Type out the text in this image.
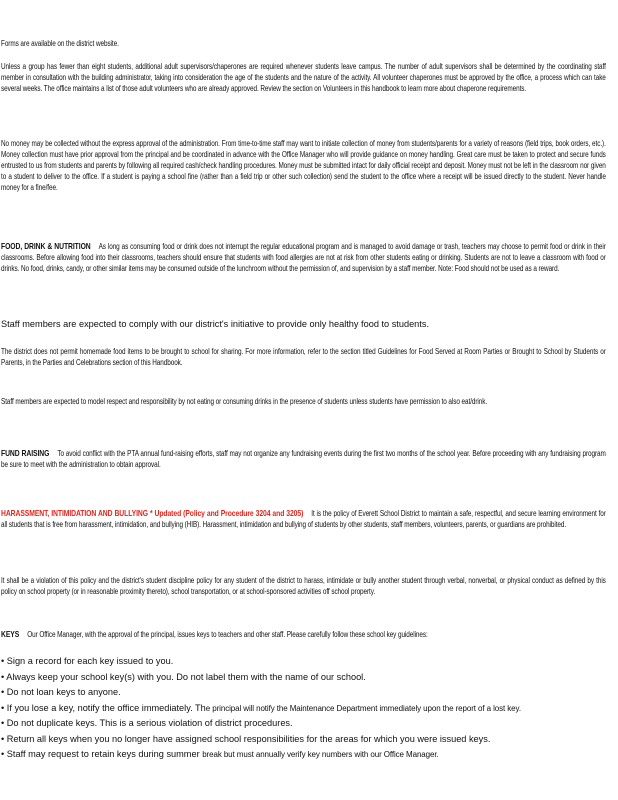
Forms are available on the district website.

Unless a group has fewer than eight students, additional adult supervisors/chaperones are required whenever students leave campus. The number of adult supervisors shall be determined by the coordinating staff member in consultation with the building administrator, taking into consideration the age of the students and the nature of the activity. All volunteer chaperones must be approved by the office, a process which can take several weeks. The office maintains a list of those adult volunteers who are already approved. Review the section on Volunteers in this handbook to learn more about chaperone requirements.

No money may be collected without the express approval of the administration. From time-to-time staff may want to initiate collection of money from students/parents for a variety of reasons (field trips, book orders, etc.). Money collection must have prior approval from the principal and be coordinated in advance with the Office Manager who will provide guidance on money handling. Great care must be taken to protect and secure funds entrusted to us from students and parents by following all required cash/check handling procedures. Money must be submitted intact for daily official receipt and deposit. Money must not be left in the classroom nor given to a student to deliver to the office. If a student is paying a school fine (rather than a field trip or other such collection) send the student to the office where a receipt will be issued directly to the student. Never handle money for a fine/fee.

FOOD, DRINK & NUTRITION As long as consuming food or drink does not interrupt the regular educational program and is managed to avoid damage or trash, teachers may choose to permit food or drink in their classrooms. Before allowing food into their classrooms, teachers should ensure that students with food allergies are not at risk from other students eating or drinking. Students are not to leave a classroom with food or drinks. No food, drinks, candy, or other similar items may be consumed outside of the lunchroom without the permission of, and supervision by a staff member. Note: Food should not be used as a reward.

Staff members are expected to comply with our district's initiative to provide only healthy food to students.

The district does not permit homemade food items to be brought to school for sharing. For more information, refer to the section titled Guidelines for Food Served at Room Parties or Brought to School by Students or Parents, in the Parties and Celebrations section of this Handbook.

Staff members are expected to model respect and responsibility by not eating or consuming drinks in the presence of students unless students have permission to also eat/drink.

FUND RAISING To avoid conflict with the PTA annual fund-raising efforts, staff may not organize any fundraising events during the first two months of the school year. Before proceeding with any fundraising program be sure to meet with the administration to obtain approval.

HARASSMENT, INTIMIDATION AND BULLYING * Updated (Policy and Procedure 3204 and 3205) It is the policy of Everett School District to maintain a safe, respectful, and secure learning environment for all students that is free from harassment, intimidation, and bullying (HIB). Harassment, intimidation and bullying of students by other students, staff members, volunteers, parents, or guardians are prohibited.

It shall be a violation of this policy and the district's student discipline policy for any student of the district to harass, intimidate or bully another student through verbal, nonverbal, or physical conduct as defined by this policy on school property (or in reasonable proximity thereto), school transportation, or at school-sponsored activities off school property.

KEYS Our Office Manager, with the approval of the principal, issues keys to teachers and other staff. Please carefully follow these school key guidelines:

• Sign a record for each key issued to you.
• Always keep your school key(s) with you. Do not label them with the name of our school.
• Do not loan keys to anyone.
• If you lose a key, notify the office immediately. The principal will notify the Maintenance Department immediately upon the report of a lost key.
• Do not duplicate keys. This is a serious violation of district procedures.
• Return all keys when you no longer have assigned school responsibilities for the areas for which you were issued keys.
• Staff may request to retain keys during summer break but must annually verify key numbers with our Office Manager.
